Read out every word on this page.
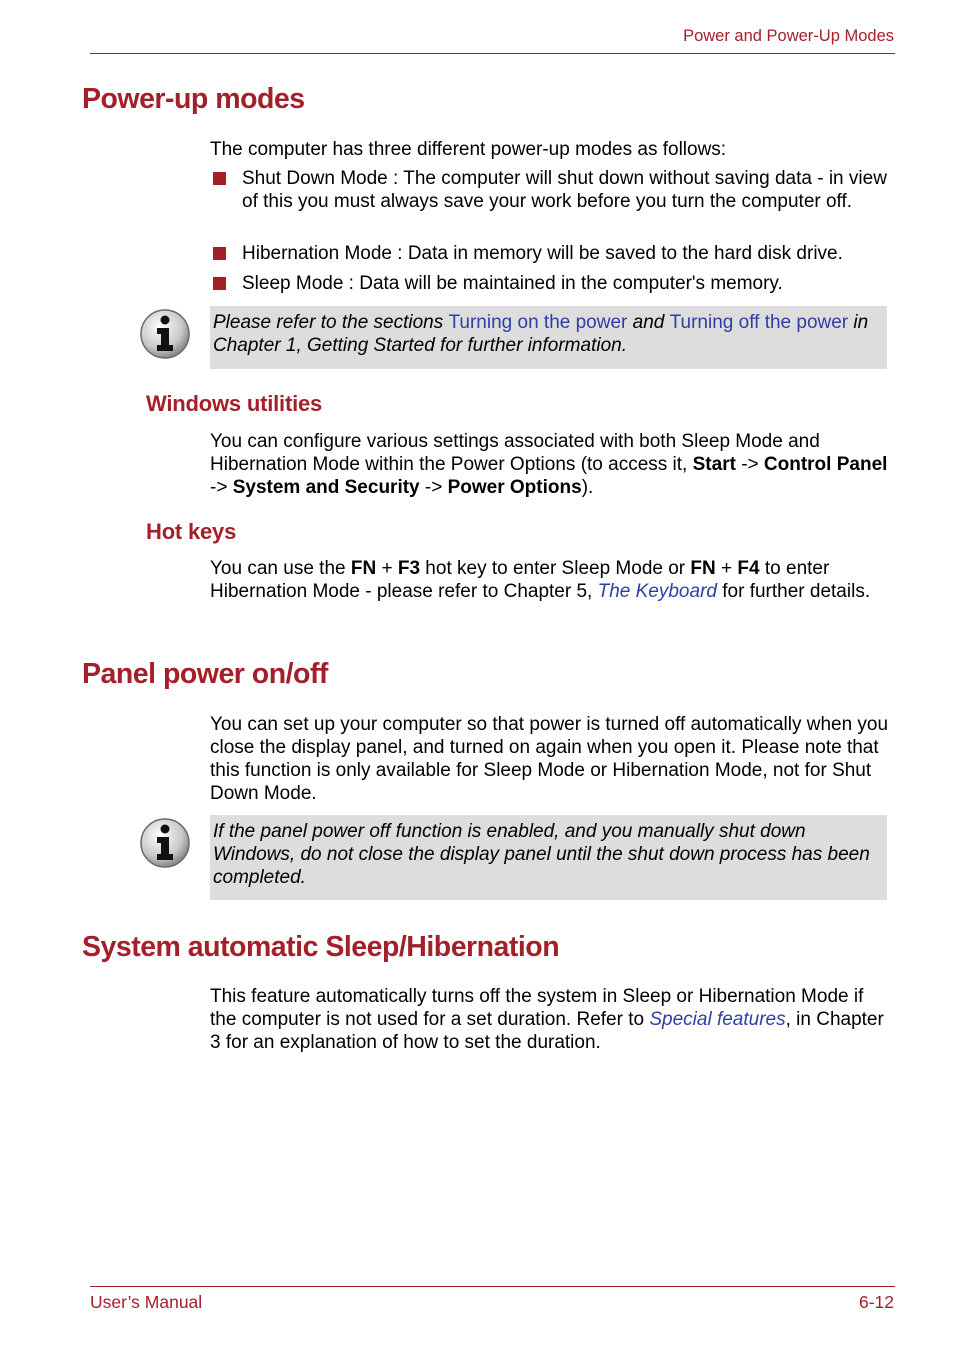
Power and Power-Up Modes
Power-up modes

The computer has three different power-up modes as follows:

Shut Down Mode : The computer will shut down without saving data - in view of this you must always save your work before you turn the computer off.
Hibernation Mode : Data in memory will be saved to the hard disk drive.
Sleep Mode : Data will be maintained in the computer's memory.
Please refer to the sections Turning on the power and Turning off the power in Chapter 1, Getting Started for further information.
Windows utilities

You can configure various settings associated with both Sleep Mode and Hibernation Mode within the Power Options (to access it, Start -> Control Panel -> System and Security -> Power Options).

Hot keys

You can use the FN + F3 hot key to enter Sleep Mode or FN + F4 to enter Hibernation Mode - please refer to Chapter 5, The Keyboard for further details.

Panel power on/off

You can set up your computer so that power is turned off automatically when you close the display panel, and turned on again when you open it. Please note that this function is only available for Sleep Mode or Hibernation Mode, not for Shut Down Mode.

If the panel power off function is enabled, and you manually shut down Windows, do not close the display panel until the shut down process has been completed.
System automatic Sleep/Hibernation

This feature automatically turns off the system in Sleep or Hibernation Mode if the computer is not used for a set duration. Refer to Special features, in Chapter 3 for an explanation of how to set the duration.

User’s Manual	6-12
